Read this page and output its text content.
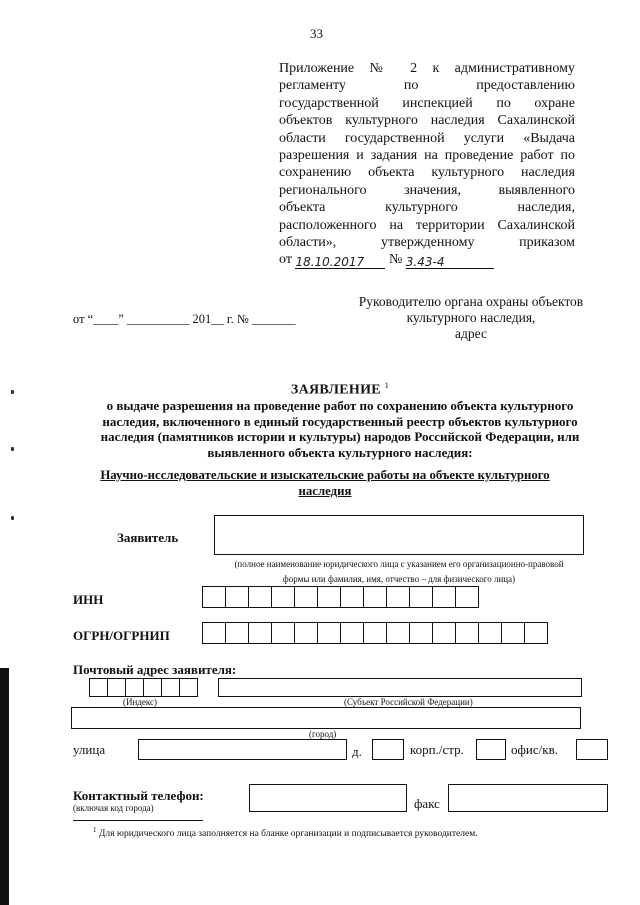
33
Приложение № 2 к административному
регламенту по предоставлению
государственной инспекцией по охране
объектов культурного наследия Сахалинской
области государственной услуги «Выдача
разрешения и задания на проведение работ по
сохранению объекта культурного наследия
регионального значения, выявленного
объекта культурного наследия,
расположенного на территории Сахалинской
области», утвержденному приказом
от 18.10.2017 № 3.43-4
Руководителю органа охраны объектов
культурного наследия,
адрес
от “____” __________ 201__ г. № _______
ЗАЯВЛЕНИЕ $^1$
о выдаче разрешения на проведение работ по сохранению объекта культурного
наследия, включенного в единый государственный реестр объектов культурного
наследия (памятников истории и культуры) народов Российской Федерации, или
выявленного объекта культурного наследия:
Научно-исследовательские и изыскательские работы на объекте культурного
наследия
Заявитель
(полное наименование юридического лица с указанием его организационно-правовой
формы или фамилия, имя, отчество – для физического лица)
ИНН
ОГРН/ОГРНИП
Почтовый адрес заявителя:
(Индекс)	(Субъект Российской Федерации)
(город)
улица	д.	корп./стр.	офис/кв.
Контактный телефон:
(включая код города)	факс
$^1$ Для юридического лица заполняется на бланке организации и подписывается руководителем.
